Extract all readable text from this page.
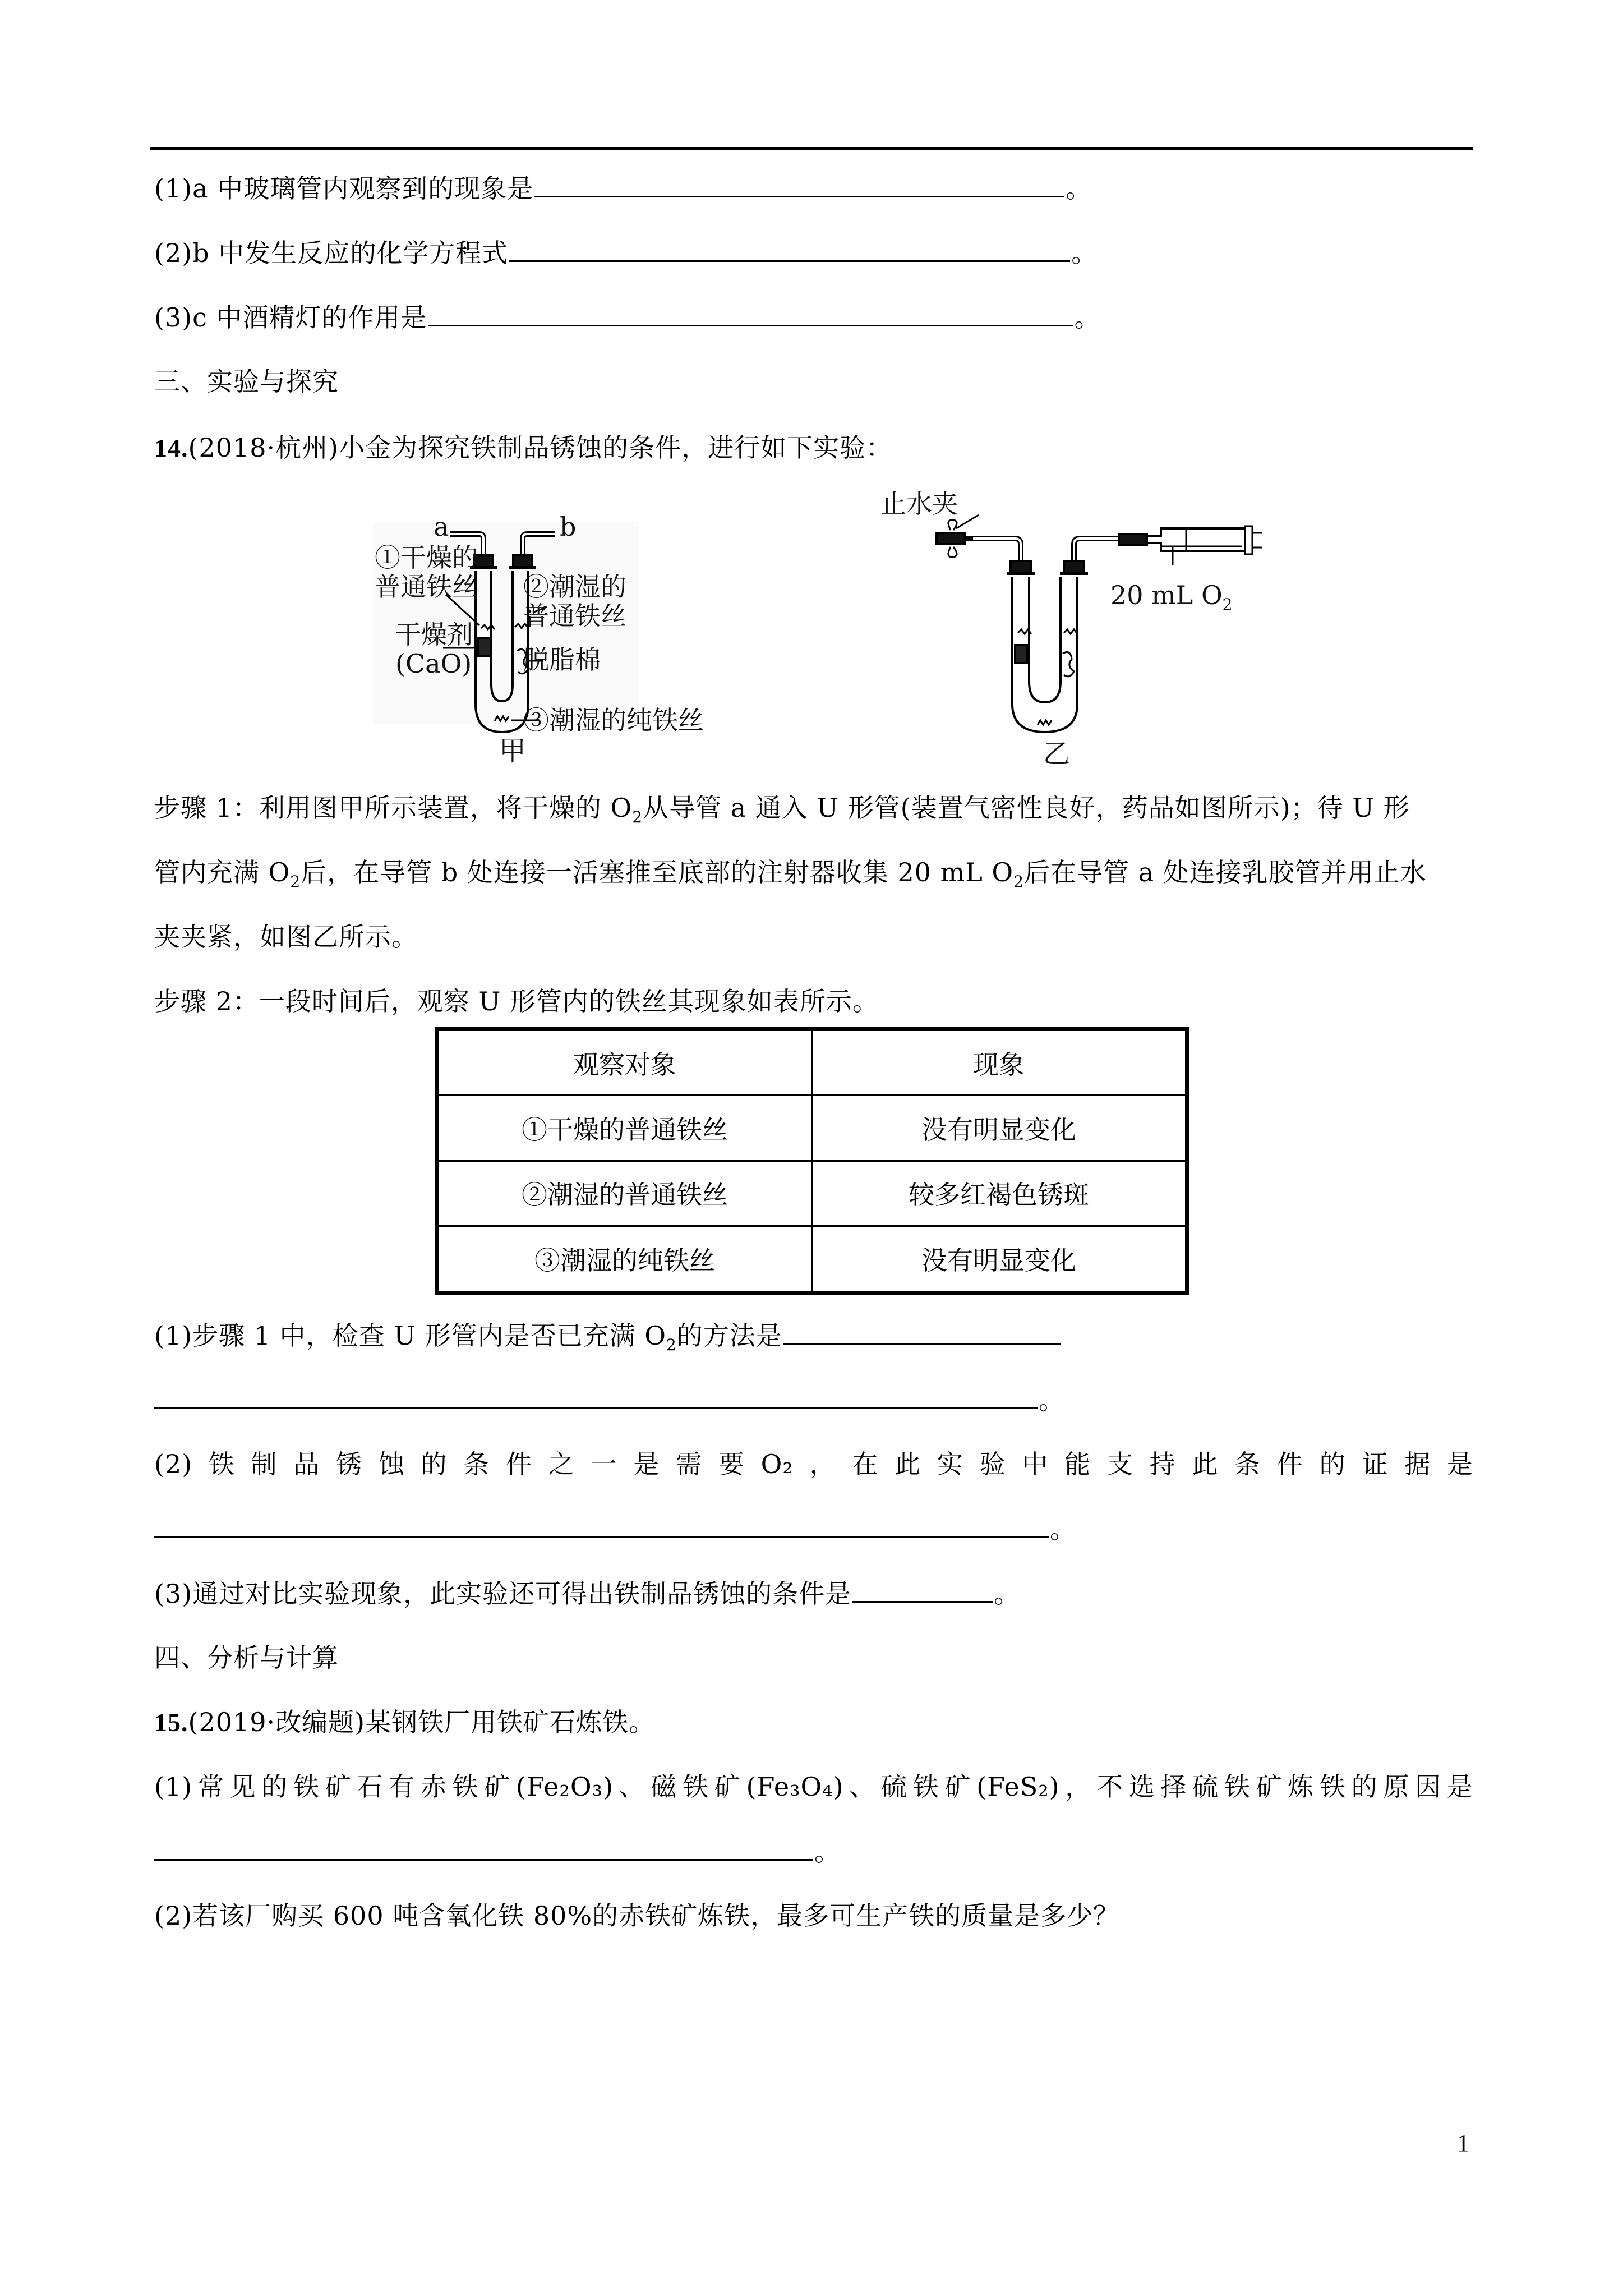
(1)a 中玻璃管内观察到的现象是	。
(2)b 中发生反应的化学方程式	。
(3)c 中酒精灯的作用是	。
三、实验与探究
14.(2018·杭州)小金为探究铁制品锈蚀的条件，进行如下实验：
a	b
①干燥的
普通铁丝
干燥剂
(CaO)
②潮湿的
普通铁丝
脱脂棉
③潮湿的纯铁丝
甲
止水夹
20 mL $O_2$
乙
步骤 1：利用图甲所示装置，将干燥的 $O_2$从导管 a 通入 U 形管(装置气密性良好，药品如图所示)；待 U 形
管内充满 $O_2$后，在导管 b 处连接一活塞推至底部的注射器收集 20 mL $O_2$后在导管 a 处连接乳胶管并用止水
夹夹紧，如图乙所示。
步骤 2：一段时间后，观察 U 形管内的铁丝其现象如表所示。
观察对象	现象
①干燥的普通铁丝	没有明显变化
②潮湿的普通铁丝	较多红褐色锈斑
③潮湿的纯铁丝	没有明显变化
(1)步骤 1 中，检查 U 形管内是否已充满 $O_2$的方法是
。
(2) 铁 制 品 锈 蚀 的 条 件 之 一 是 需 要 O₂ ， 在 此 实 验 中 能 支 持 此 条 件 的 证 据 是
。
(3)通过对比实验现象，此实验还可得出铁制品锈蚀的条件是	。
四、分析与计算
15.(2019·改编题)某钢铁厂用铁矿石炼铁。
(1) 常 见 的 铁 矿 石 有 赤 铁 矿 (Fe₂O₃) 、 磁 铁 矿 (Fe₃O₄) 、 硫 铁 矿 (FeS₂) ， 不 选 择 硫 铁 矿 炼 铁 的 原 因 是
。
(2)若该厂购买 600 吨含氧化铁 80%的赤铁矿炼铁，最多可生产铁的质量是多少？
1
